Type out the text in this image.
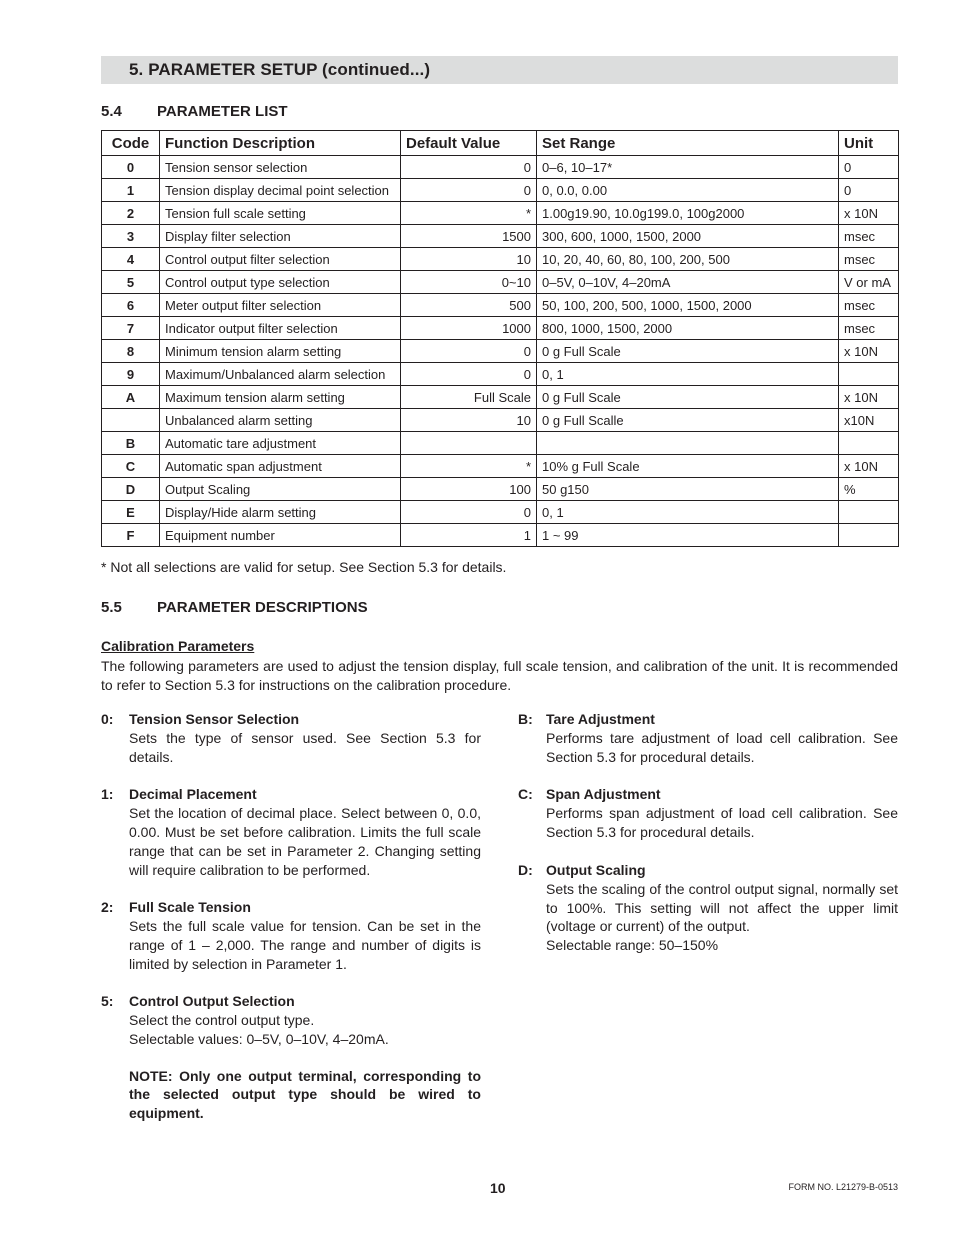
5. PARAMETER SETUP (continued...)
5.4 PARAMETER LIST
Code	Function Description	Default Value	Set Range	Unit
0	Tension sensor selection	0	0–6, 10–17*	0
1	Tension display decimal point selection	0	0, 0.0, 0.00	0
2	Tension full scale setting	*	1.00g19.90, 10.0g199.0, 100g2000	x 10N
3	Display filter selection	1500	300, 600, 1000, 1500, 2000	msec
4	Control output filter selection	10	10, 20, 40, 60, 80, 100, 200, 500	msec
5	Control output type selection	0~10	0–5V, 0–10V, 4–20mA	V or mA
6	Meter output filter selection	500	50, 100, 200, 500, 1000, 1500, 2000	msec
7	Indicator output filter selection	1000	800, 1000, 1500, 2000	msec
8	Minimum tension alarm setting	0	0 g Full Scale	x 10N
9	Maximum/Unbalanced alarm selection	0	0, 1	
A	Maximum tension alarm setting	Full Scale	0 g Full Scale	x 10N
	Unbalanced alarm setting	10	0 g Full Scalle	x10N
B	Automatic tare adjustment			
C	Automatic span adjustment	*	10% g Full Scale	x 10N
D	Output Scaling	100	50 g150	%
E	Display/Hide alarm setting	0	0, 1	
F	Equipment number	1	1 ~ 99	
* Not all selections are valid for setup. See Section 5.3 for details.
5.5 PARAMETER DESCRIPTIONS
Calibration Parameters
The following parameters are used to adjust the tension display, full scale tension, and calibration of the unit. It is recommended to refer to Section 5.3 for instructions on the calibration procedure.
0: Tension Sensor Selection

Sets the type of sensor used. See Section 5.3 for details.

1: Decimal Placement

Set the location of decimal place. Select between 0, 0.0, 0.00. Must be set before calibration. Limits the full scale range that can be set in Parameter 2. Changing setting will require calibration to be performed.

2: Full Scale Tension

Sets the full scale value for tension. Can be set in the range of 1 – 2,000. The range and number of digits is limited by selection in Parameter 1.

5: Control Output Selection

Select the control output type.

Selectable values: 0–5V, 0–10V, 4–20mA.

NOTE: Only one output terminal, corresponding to the selected output type should be wired to equipment.
B: Tare Adjustment

Performs tare adjustment of load cell calibration. See Section 5.3 for procedural details.

C: Span Adjustment

Performs span adjustment of load cell calibration. See Section 5.3 for procedural details.

D: Output Scaling

Sets the scaling of the control output signal, normally set to 100%. This setting will not affect the upper limit (voltage or current) of the output.

Selectable range: 50–150%

10	FORM NO. L21279-B-0513
